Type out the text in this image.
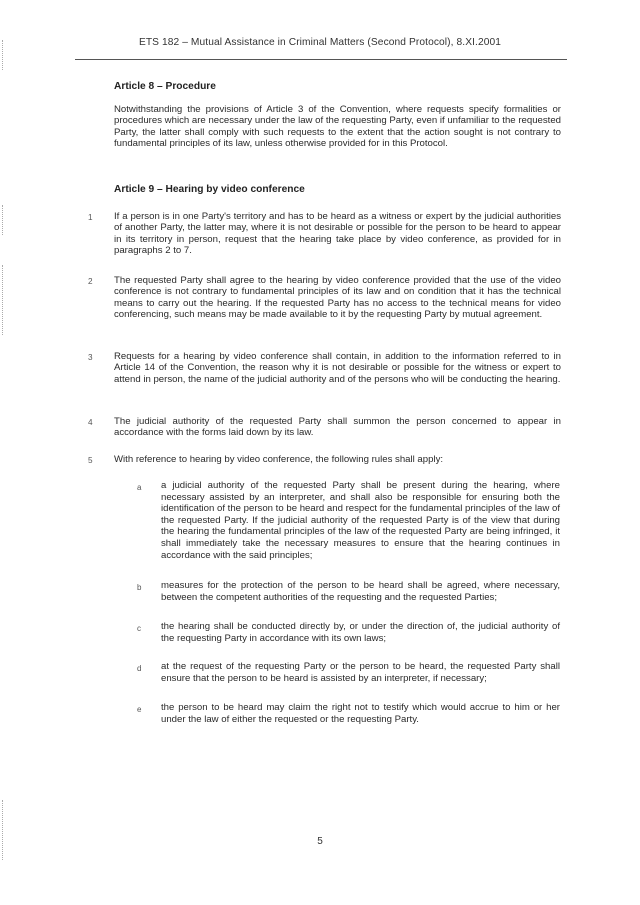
ETS 182 – Mutual Assistance in Criminal Matters (Second Protocol), 8.XI.2001
Article 8 – Procedure
Notwithstanding the provisions of Article 3 of the Convention, where requests specify formalities or procedures which are necessary under the law of the requesting Party, even if unfamiliar to the requested Party, the latter shall comply with such requests to the extent that the action sought is not contrary to fundamental principles of its law, unless otherwise provided for in this Protocol.
Article 9 – Hearing by video conference
1 If a person is in one Party's territory and has to be heard as a witness or expert by the judicial authorities of another Party, the latter may, where it is not desirable or possible for the person to be heard to appear in its territory in person, request that the hearing take place by video conference, as provided for in paragraphs 2 to 7.
2 The requested Party shall agree to the hearing by video conference provided that the use of the video conference is not contrary to fundamental principles of its law and on condition that it has the technical means to carry out the hearing. If the requested Party has no access to the technical means for video conferencing, such means may be made available to it by the requesting Party by mutual agreement.
3 Requests for a hearing by video conference shall contain, in addition to the information referred to in Article 14 of the Convention, the reason why it is not desirable or possible for the witness or expert to attend in person, the name of the judicial authority and of the persons who will be conducting the hearing.
4 The judicial authority of the requested Party shall summon the person concerned to appear in accordance with the forms laid down by its law.
5 With reference to hearing by video conference, the following rules shall apply:
a a judicial authority of the requested Party shall be present during the hearing, where necessary assisted by an interpreter, and shall also be responsible for ensuring both the identification of the person to be heard and respect for the fundamental principles of the law of the requested Party. If the judicial authority of the requested Party is of the view that during the hearing the fundamental principles of the law of the requested Party are being infringed, it shall immediately take the necessary measures to ensure that the hearing continues in accordance with the said principles;
b measures for the protection of the person to be heard shall be agreed, where necessary, between the competent authorities of the requesting and the requested Parties;
c the hearing shall be conducted directly by, or under the direction of, the judicial authority of the requesting Party in accordance with its own laws;
d at the request of the requesting Party or the person to be heard, the requested Party shall ensure that the person to be heard is assisted by an interpreter, if necessary;
e the person to be heard may claim the right not to testify which would accrue to him or her under the law of either the requested or the requesting Party.
5
